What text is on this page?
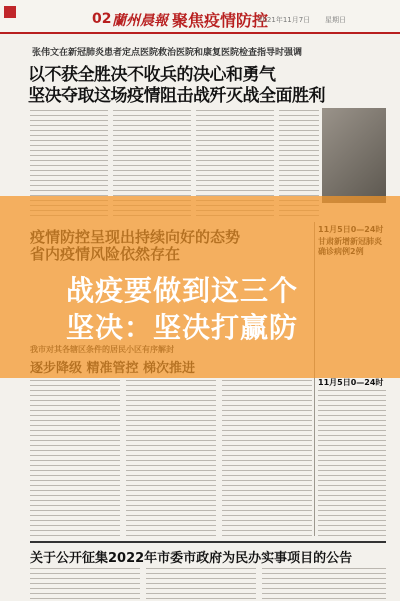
02 蘭州晨報 聚焦疫情防控
2021年11月7日 星期日
张伟文在新冠肺炎患者定点医院救治医院和康复医院检查指导时强调
以不获全胜决不收兵的决心和勇气
坚决夺取这场疫情阻击战歼灭战全面胜利
11月5日0—24时
关于公开征集2022年市委市政府为民办实事项目的公告
战疫要做到这三个
坚决：坚决打赢防
